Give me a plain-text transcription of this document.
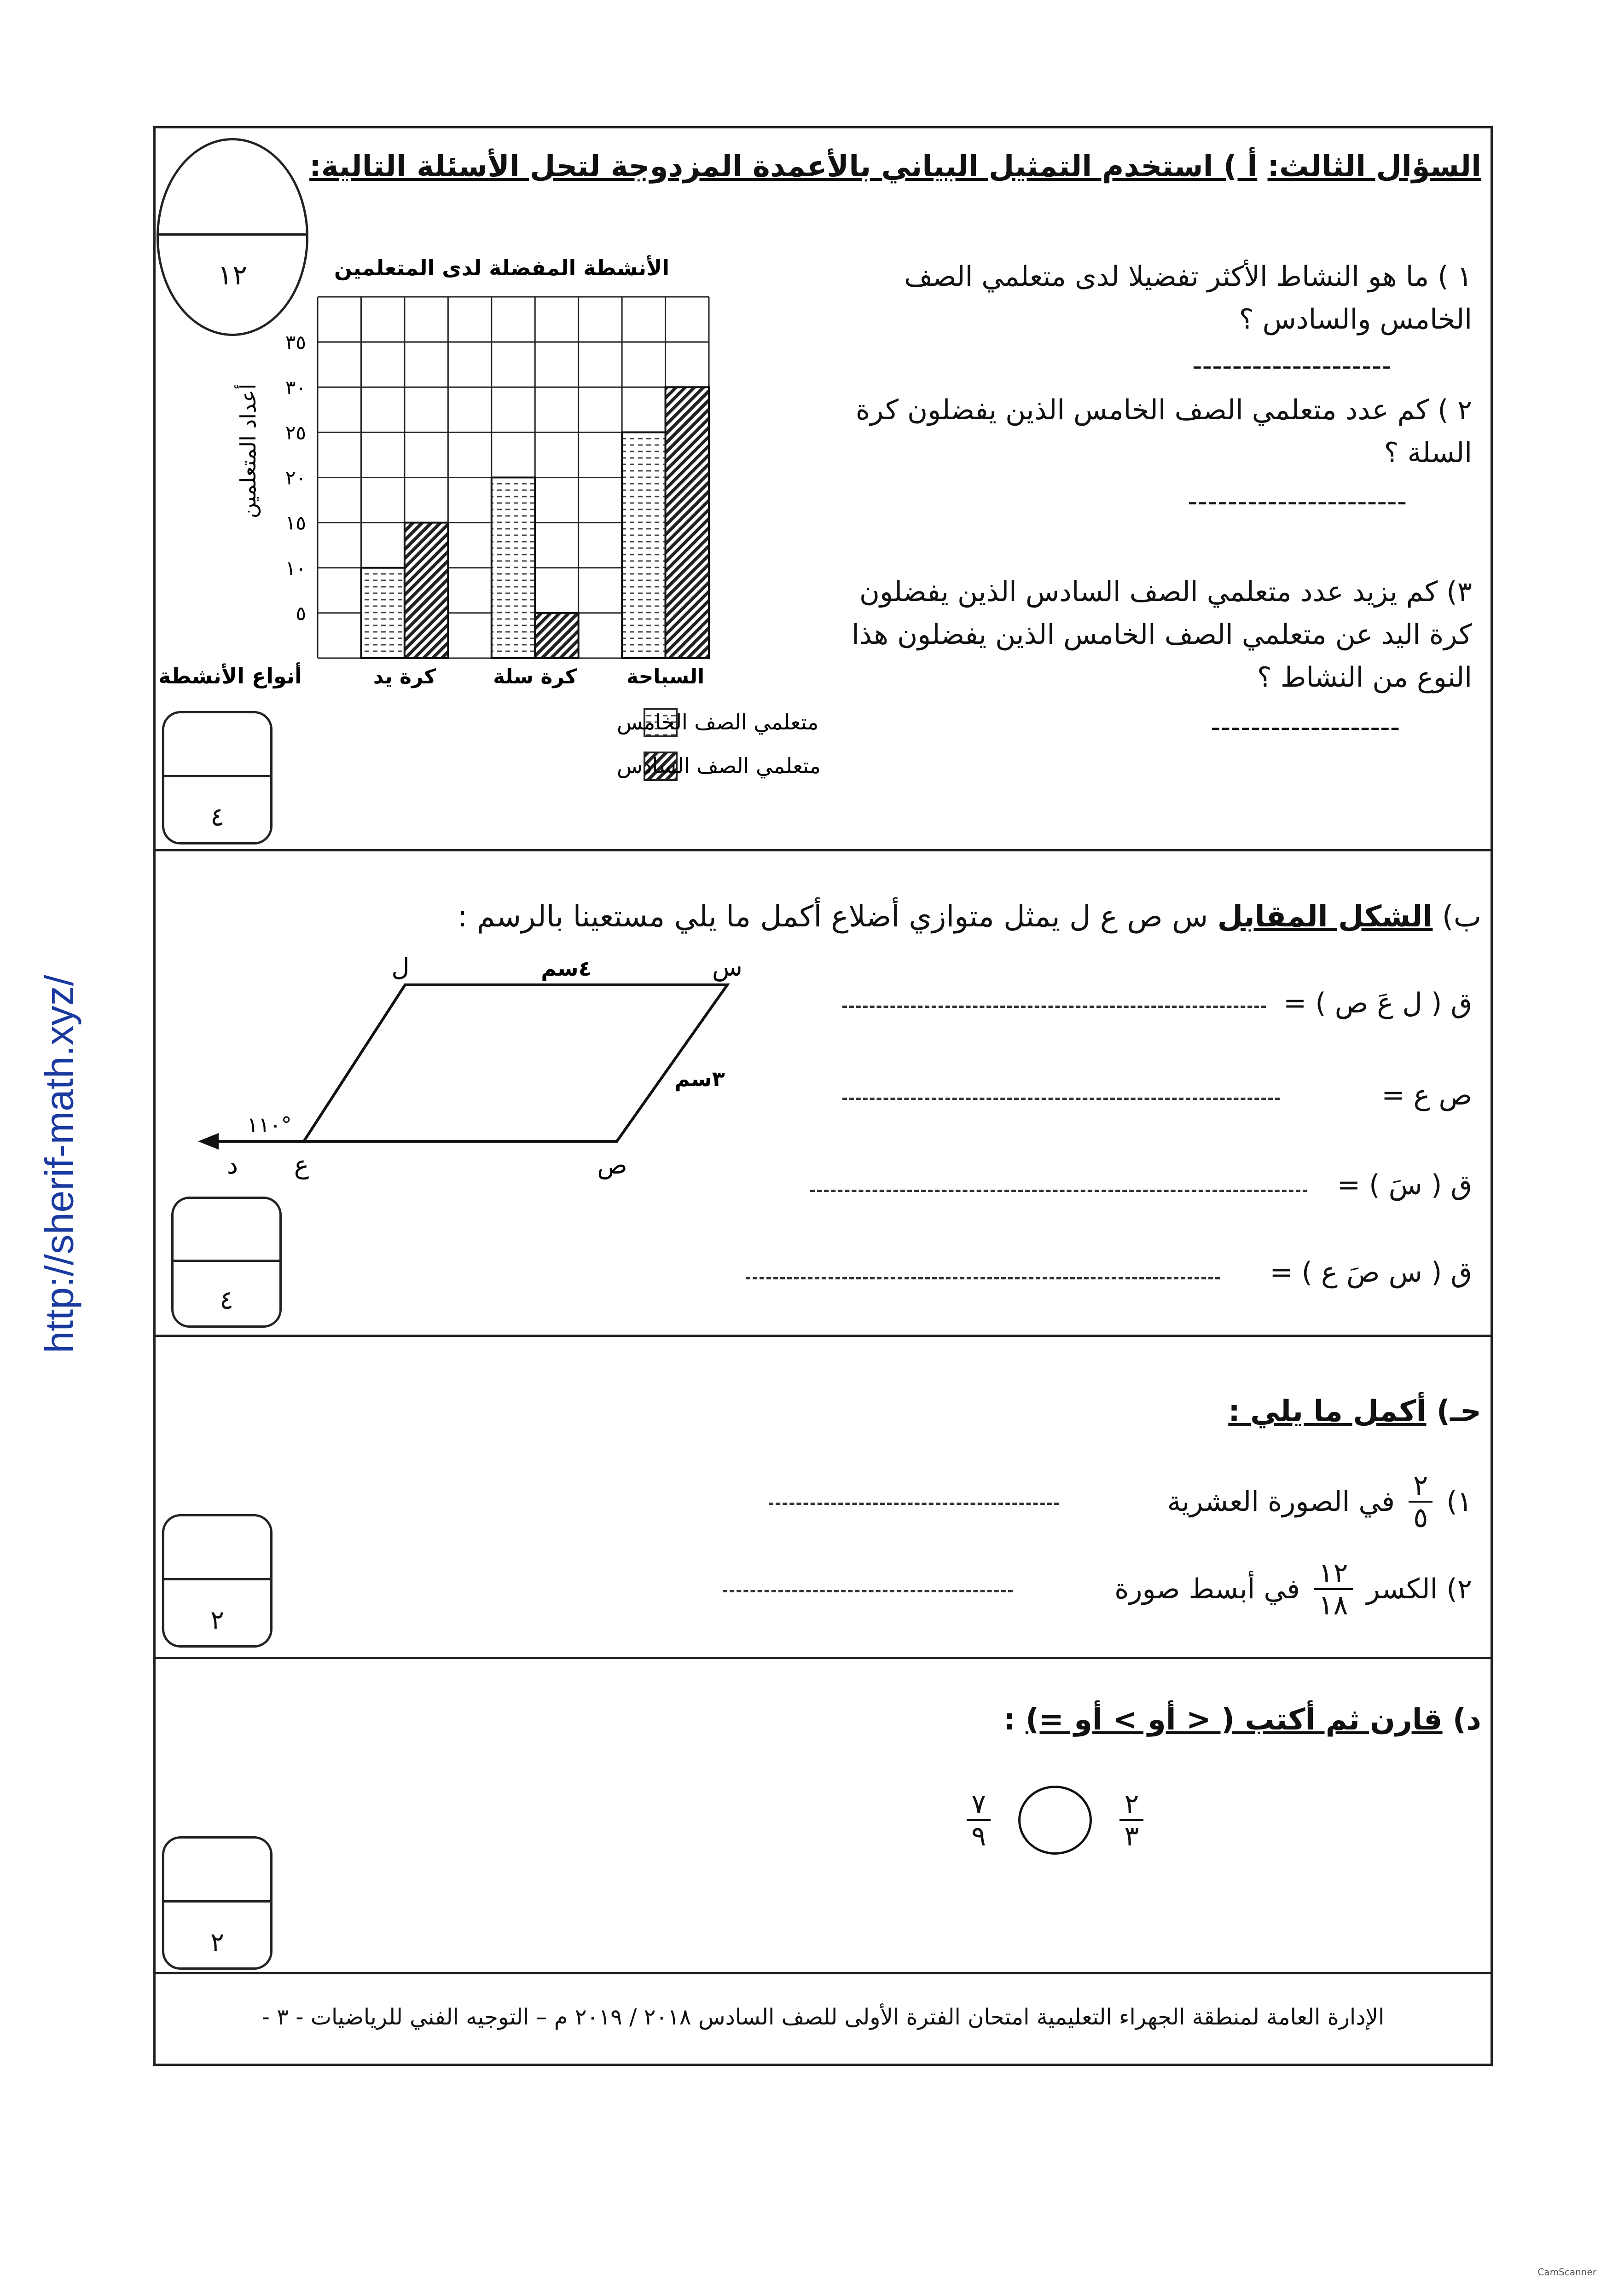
http://sherif-math.xyz/
السؤال الثالث: أ ) استخدم التمثيل البياني بالأعمدة المزدوجة لتحل الأسئلة التالية:
١٢	١ ) ما هو النشاط الأكثر تفضيلا لدى متعلمي الصف الخامس والسادس ؟
--------------------
٢ ) كم عدد متعلمي الصف الخامس الذين يفضلون كرة السلة ؟
----------------------
٣) كم يزيد عدد متعلمي الصف السادس الذين يفضلون كرة اليد عن متعلمي الصف الخامس الذين يفضلون هذا النوع من النشاط ؟
-------------------
الأنشطة المفضلة لدى المتعلمين
٥
١٠
١٥
٢٠
٢٥
٣٠
٣٥
كرة يد	كرة سلة السباحة
أعداد المتعلمين
أنواع الأنشطة
متعلمي الصف الخامس
متعلمي الصف السادس
٤
ب) الشكل المقابل س ص ع ل يمثل متوازي أضلاع أكمل ما يلي مستعينا بالرسم :
س
ل
ص
ع
د
٤سم
٣سم
١١٠°
ق ( ل عَ ص ) =
ص ع =
ق ( سَ ) =
ق ( س صَ ع ) =
٤
حـ) أكمل ما يلي :
١)
$\frac{٢}{٥}$
في الصورة العشرية
٢) الكسر
$\frac{١٢}{١٨}$
في أبسط صورة
٢
د) قارن ثم أكتب ( < أو > أو =) :
$\frac{٧}{٩}$	$\frac{٢}{٣}$
٢
الإدارة العامة لمنطقة الجهراء التعليمية امتحان الفترة الأولى للصف السادس ٢٠١٨ / ٢٠١٩ م – التوجيه الفني للرياضيات - ٣ -
CamScanner
